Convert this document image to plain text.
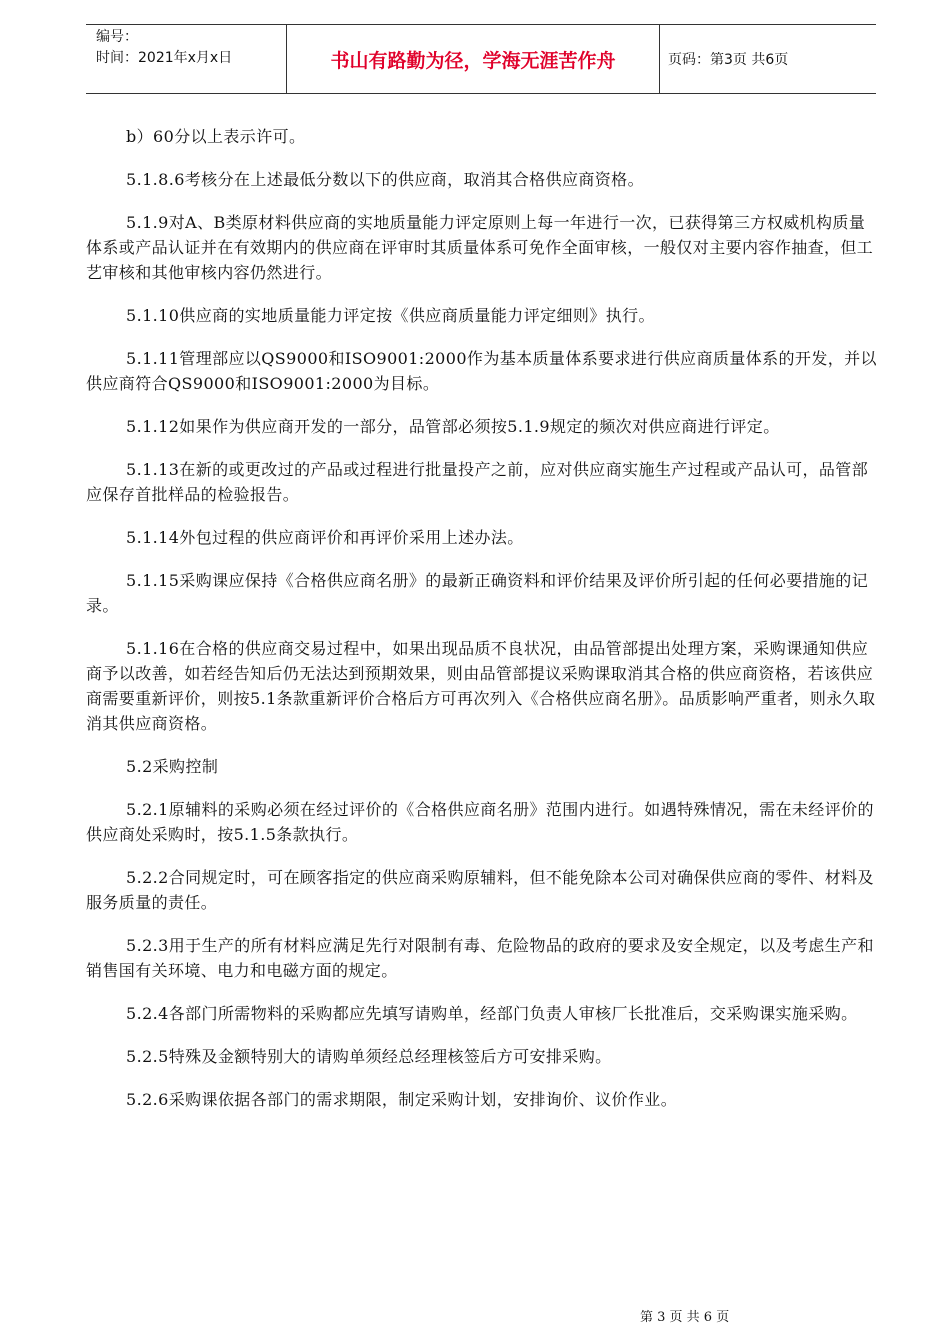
编号：
时间：2021年x月x日	书山有路勤为径，学海无涯苦作舟	页码：第3页 共6页

b）60分以上表示许可。

5.1.8.6考核分在上述最低分数以下的供应商，取消其合格供应商资格。

5.1.9对A、B类原材料供应商的实地质量能力评定原则上每一年进行一次，已获得第三方权威机构质量体系或产品认证并在有效期内的供应商在评审时其质量体系可免作全面审核，一般仅对主要内容作抽查，但工艺审核和其他审核内容仍然进行。

5.1.10供应商的实地质量能力评定按《供应商质量能力评定细则》执行。

5.1.11管理部应以QS9000和ISO9001:2000作为基本质量体系要求进行供应商质量体系的开发，并以供应商符合QS9000和ISO9001:2000为目标。

5.1.12如果作为供应商开发的一部分，品管部必须按5.1.9规定的频次对供应商进行评定。

5.1.13在新的或更改过的产品或过程进行批量投产之前，应对供应商实施生产过程或产品认可，品管部应保存首批样品的检验报告。

5.1.14外包过程的供应商评价和再评价采用上述办法。

5.1.15采购课应保持《合格供应商名册》的最新正确资料和评价结果及评价所引起的任何必要措施的记录。

5.1.16在合格的供应商交易过程中，如果出现品质不良状况，由品管部提出处理方案，采购课通知供应商予以改善，如若经告知后仍无法达到预期效果，则由品管部提议采购课取消其合格的供应商资格，若该供应商需要重新评价，则按5.1条款重新评价合格后方可再次列入《合格供应商名册》。品质影响严重者，则永久取消其供应商资格。

5.2采购控制

5.2.1原辅料的采购必须在经过评价的《合格供应商名册》范围内进行。如遇特殊情况，需在未经评价的供应商处采购时，按5.1.5条款执行。

5.2.2合同规定时，可在顾客指定的供应商采购原辅料，但不能免除本公司对确保供应商的零件、材料及服务质量的责任。

5.2.3用于生产的所有材料应满足先行对限制有毒、危险物品的政府的要求及安全规定，以及考虑生产和销售国有关环境、电力和电磁方面的规定。

5.2.4各部门所需物料的采购都应先填写请购单，经部门负责人审核厂长批准后，交采购课实施采购。

5.2.5特殊及金额特别大的请购单须经总经理核签后方可安排采购。

5.2.6采购课依据各部门的需求期限，制定采购计划，安排询价、议价作业。

第 3 页 共 6 页
